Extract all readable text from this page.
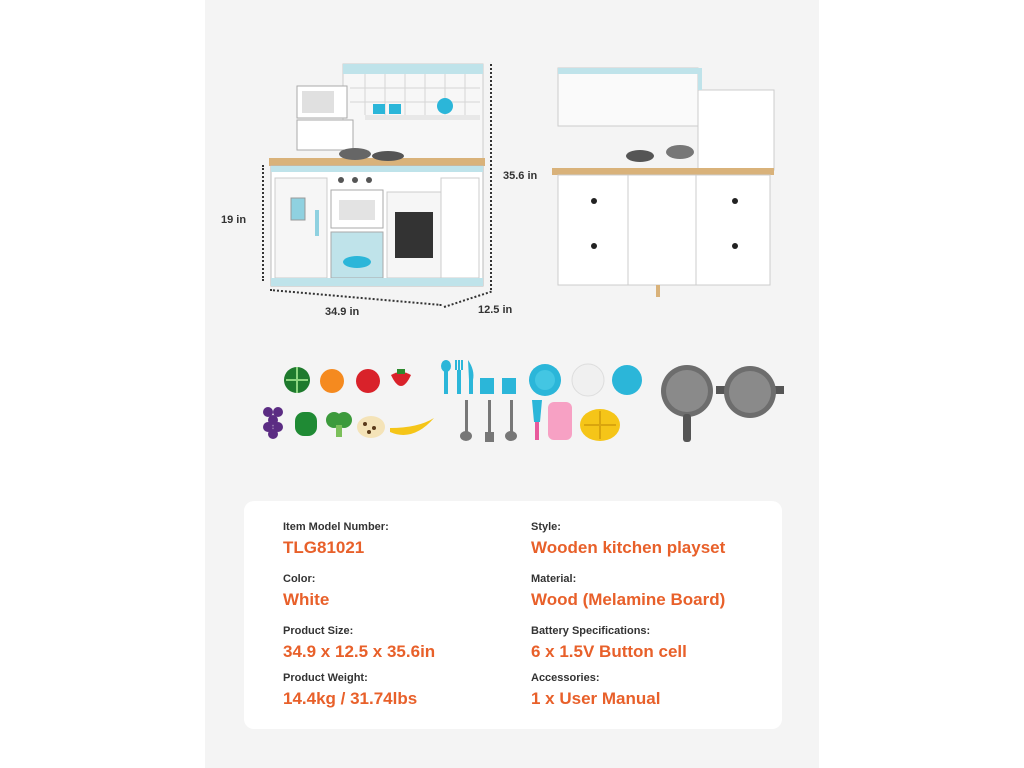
35.6 in
19 in
34.9 in	12.5 in
Item Model Number:
TLG81021
Style:
Wooden kitchen playset
Color:
White
Material:
Wood (Melamine Board)
Product Size:
34.9 x 12.5 x 35.6in
Battery Specifications:
6 x 1.5V Button cell
Product Weight:
14.4kg / 31.74lbs
Accessories:
1 x User Manual
